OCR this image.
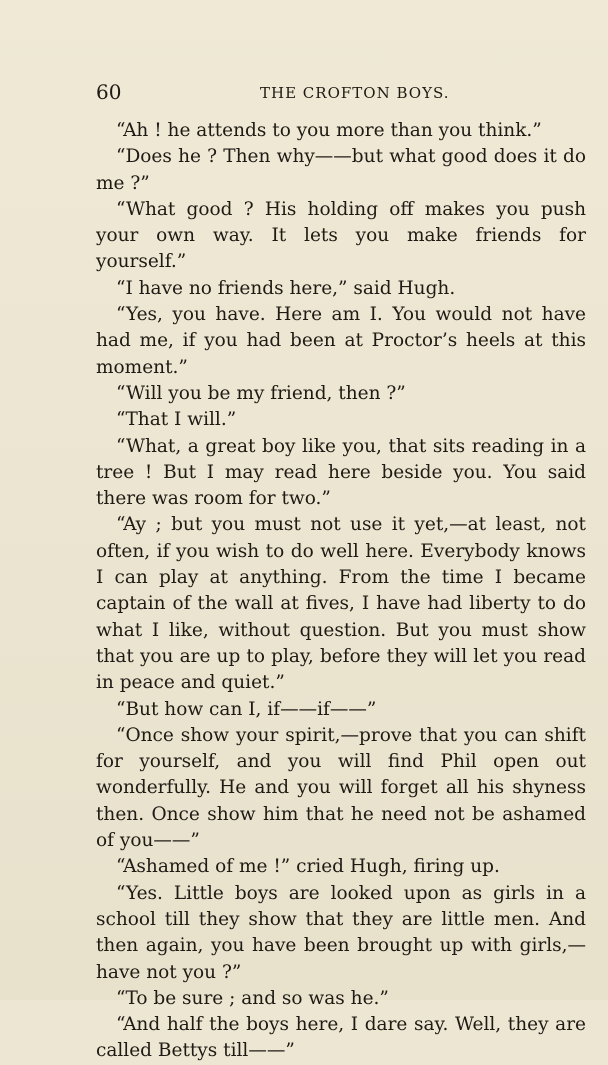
60	THE CROFTON BOYS.

“Ah ! he attends to you more than you think.”

“Does he ? Then why——but what good does it do me ?”

“What good ? His holding off makes you push your own way. It lets you make friends for yourself.”

“I have no friends here,” said Hugh.

“Yes, you have. Here am I. You would not have had me, if you had been at Proctor’s heels at this moment.”

“Will you be my friend, then ?”

“That I will.”

“What, a great boy like you, that sits reading in a tree ! But I may read here beside you. You said there was room for two.”

“Ay ; but you must not use it yet,—at least, not often, if you wish to do well here. Everybody knows I can play at anything. From the time I became captain of the wall at fives, I have had liberty to do what I like, without question. But you must show that you are up to play, before they will let you read in peace and quiet.”

“But how can I, if——if——”

“Once show your spirit,—prove that you can shift for yourself, and you will find Phil open out wonderfully. He and you will forget all his shyness then. Once show him that he need not be ashamed of you——”

“Ashamed of me !” cried Hugh, firing up.

“Yes. Little boys are looked upon as girls in a school till they show that they are little men. And then again, you have been brought up with girls,—have not you ?”

“To be sure ; and so was he.”

“And half the boys here, I dare say. Well, they are called Bettys till——”
